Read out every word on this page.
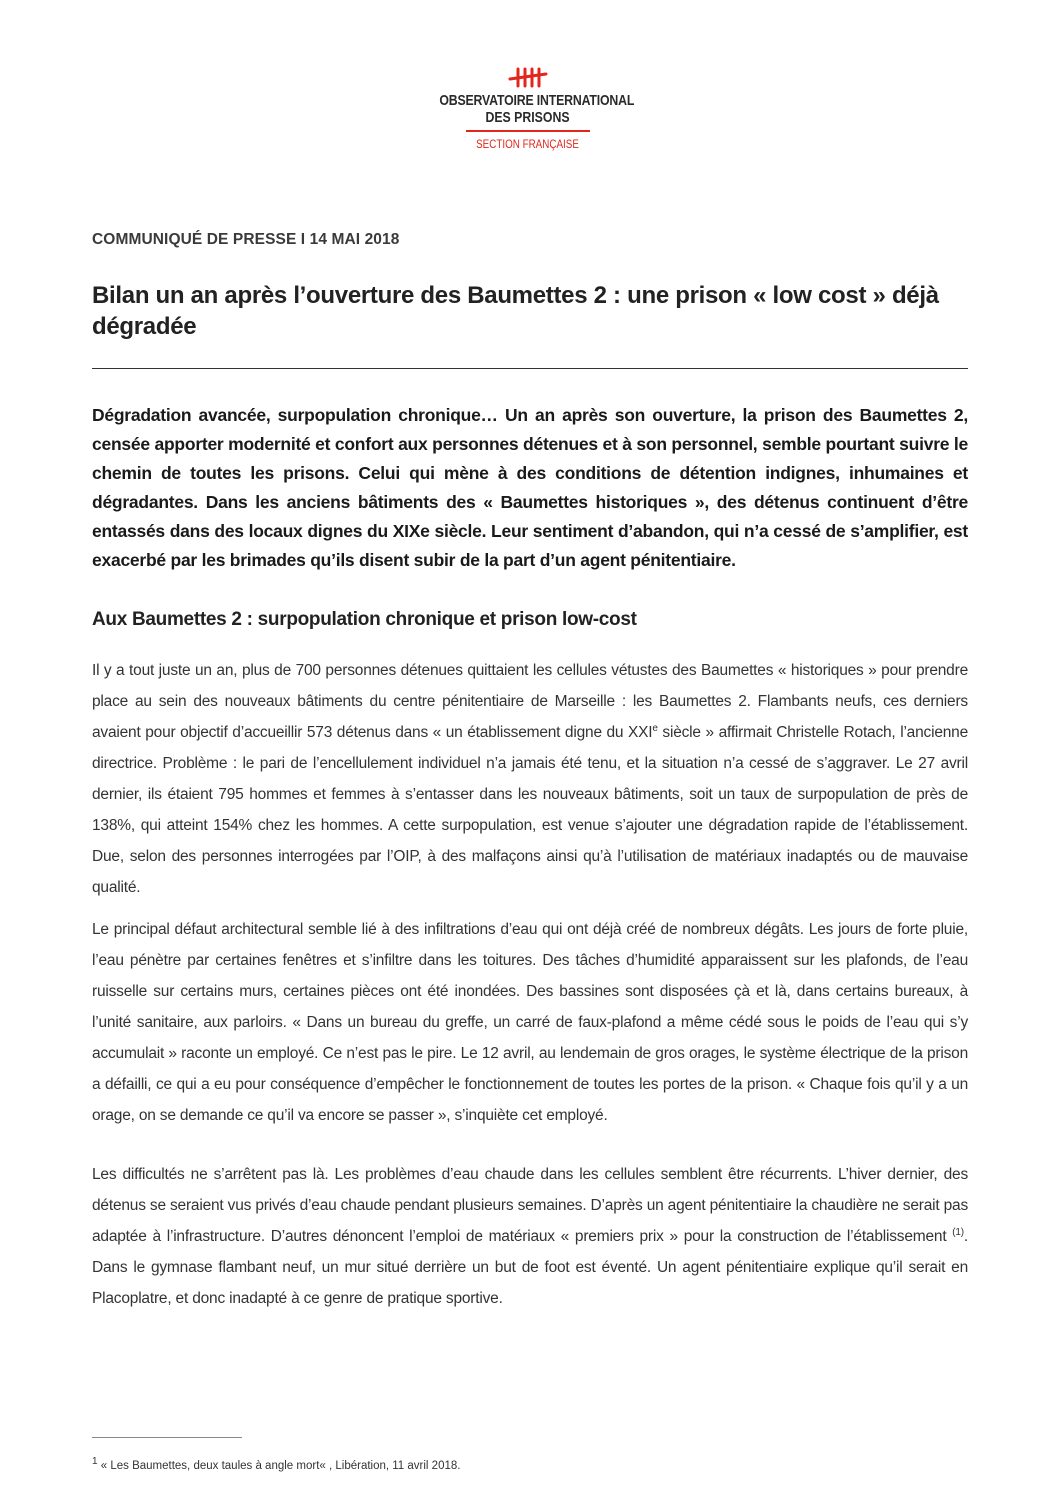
OBSERVATOIRE INTERNATIONAL
DES PRISONS
SECTION FRANÇAISE
COMMUNIQUÉ DE PRESSE I 14 MAI 2018
Bilan un an après l’ouverture des Baumettes 2 : une prison « low cost » déjà dégradée

Dégradation avancée, surpopulation chronique… Un an après son ouverture, la prison des Baumettes 2, censée apporter modernité et confort aux personnes détenues et à son personnel, semble pourtant suivre le chemin de toutes les prisons. Celui qui mène à des conditions de détention indignes, inhumaines et dégradantes. Dans les anciens bâtiments des « Baumettes historiques », des détenus continuent d’être entassés dans des locaux dignes du XIXe siècle. Leur sentiment d’abandon, qui n’a cessé de s’amplifier, est exacerbé par les brimades qu’ils disent subir de la part d’un agent pénitentiaire.

Aux Baumettes 2 : surpopulation chronique et prison low-cost

Il y a tout juste un an, plus de 700 personnes détenues quittaient les cellules vétustes des Baumettes « historiques » pour prendre place au sein des nouveaux bâtiments du centre pénitentiaire de Marseille : les Baumettes 2. Flambants neufs, ces derniers avaient pour objectif d’accueillir 573 détenus dans « un établissement digne du XXIe siècle » affirmait Christelle Rotach, l’ancienne directrice. Problème : le pari de l’encellulement individuel n’a jamais été tenu, et la situation n’a cessé de s’aggraver. Le 27 avril dernier, ils étaient 795 hommes et femmes à s’entasser dans les nouveaux bâtiments, soit un taux de surpopulation de près de 138%, qui atteint 154% chez les hommes. A cette surpopulation, est venue s’ajouter une dégradation rapide de l’établissement. Due, selon des personnes interrogées par l’OIP, à des malfaçons ainsi qu’à l’utilisation de matériaux inadaptés ou de mauvaise qualité.

Le principal défaut architectural semble lié à des infiltrations d’eau qui ont déjà créé de nombreux dégâts. Les jours de forte pluie, l’eau pénètre par certaines fenêtres et s’infiltre dans les toitures. Des tâches d’humidité apparaissent sur les plafonds, de l’eau ruisselle sur certains murs, certaines pièces ont été inondées. Des bassines sont disposées çà et là, dans certains bureaux, à l’unité sanitaire, aux parloirs. « Dans un bureau du greffe, un carré de faux-plafond a même cédé sous le poids de l’eau qui s’y accumulait » raconte un employé. Ce n’est pas le pire. Le 12 avril, au lendemain de gros orages, le système électrique de la prison a défailli, ce qui a eu pour conséquence d’empêcher le fonctionnement de toutes les portes de la prison. « Chaque fois qu’il y a un orage, on se demande ce qu’il va encore se passer », s’inquiète cet employé.

Les difficultés ne s’arrêtent pas là. Les problèmes d’eau chaude dans les cellules semblent être récurrents. L’hiver dernier, des détenus se seraient vus privés d’eau chaude pendant plusieurs semaines. D’après un agent pénitentiaire la chaudière ne serait pas adaptée à l’infrastructure. D’autres dénoncent l’emploi de matériaux « premiers prix » pour la construction de l’établissement $^{(1)}$. Dans le gymnase flambant neuf, un mur situé derrière un but de foot est éventé. Un agent pénitentiaire explique qu’il serait en Placoplatre, et donc inadapté à ce genre de pratique sportive.

$^1$ « Les Baumettes, deux taules à angle mort« , Libération, 11 avril 2018.
